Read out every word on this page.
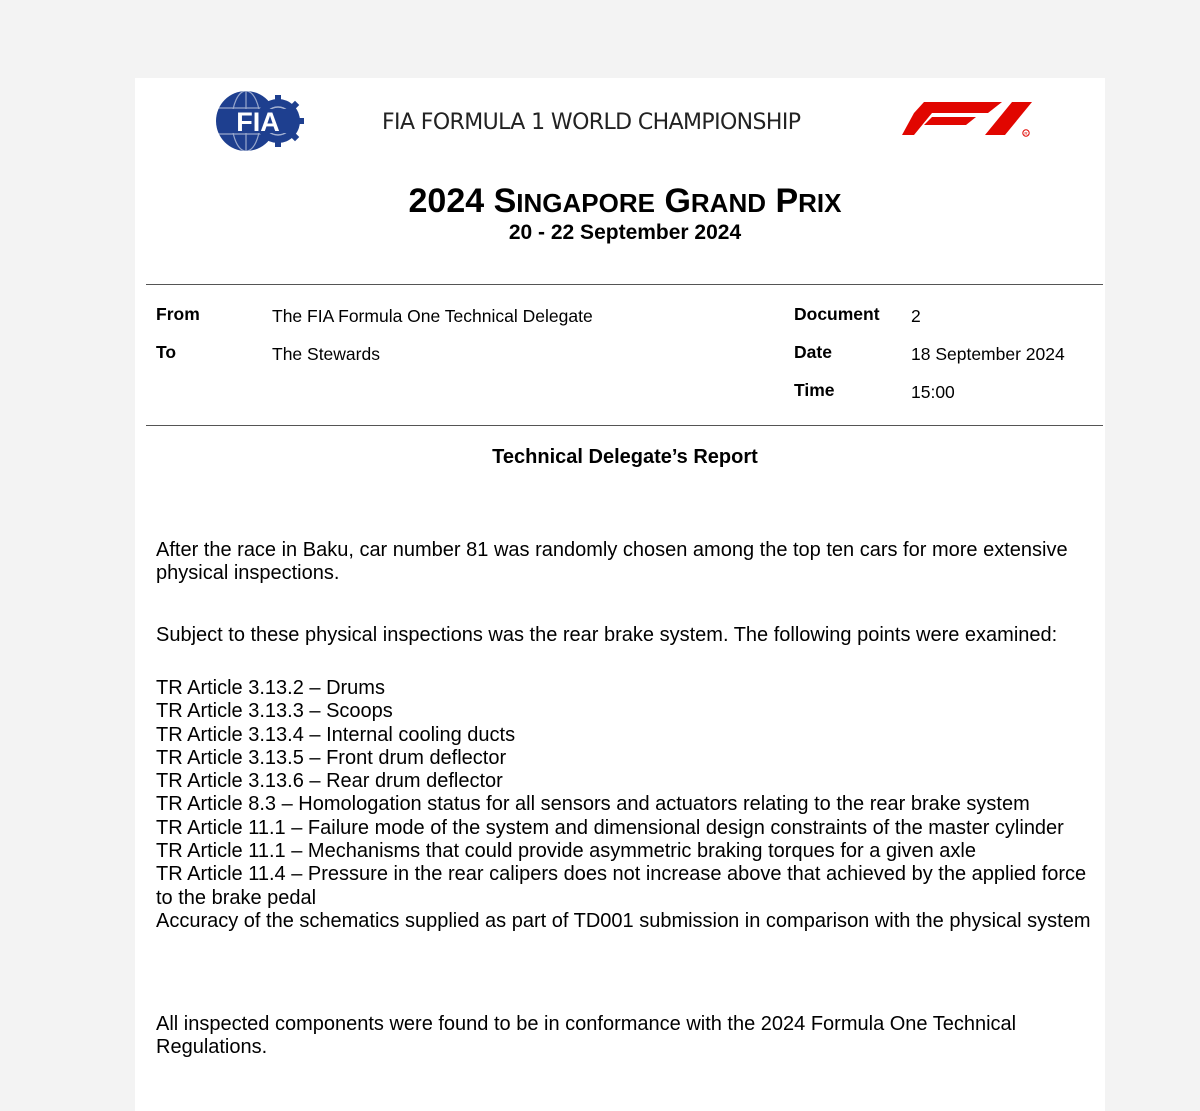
FIA	FIA FORMULA 1 WORLD CHAMPIONSHIP	R
F1
2024 SINGAPORE GRAND PRIX
20 - 22 September 2024
From	The FIA Formula One Technical Delegate
To	The Stewards
Document 2
Date	18 September 2024
Time	15:00
Technical Delegate’s Report

After the race in Baku, car number 81 was randomly chosen among the top ten cars for more extensive physical inspections.

Subject to these physical inspections was the rear brake system. The following points were examined:

TR Article 3.13.2 – Drums
TR Article 3.13.3 – Scoops
TR Article 3.13.4 – Internal cooling ducts
TR Article 3.13.5 – Front drum deflector
TR Article 3.13.6 – Rear drum deflector
TR Article 8.3 – Homologation status for all sensors and actuators relating to the rear brake system
TR Article 11.1 – Failure mode of the system and dimensional design constraints of the master cylinder
TR Article 11.1 – Mechanisms that could provide asymmetric braking torques for a given axle
TR Article 11.4 – Pressure in the rear calipers does not increase above that achieved by the applied force to the brake pedal
Accuracy of the schematics supplied as part of TD001 submission in comparison with the physical system

All inspected components were found to be in conformance with the 2024 Formula One Technical Regulations.
